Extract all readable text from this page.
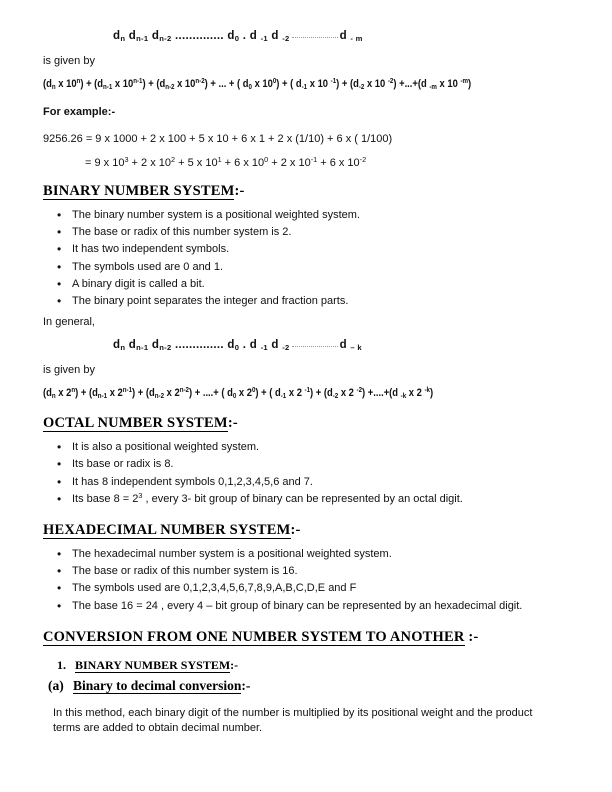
$d_n$ $d_{n-1}$ $d_{n-2}$ .............. $d_0$ . d $_{-1}$ d $_{-2}$	d $_{- m}$

is given by

($d_n$ x $10^n) + (d_{n-1}$ x $10^{n-1}) + (d_{n-2}$ x $10^{n-2}$) + ... + ( $d_0$ x $10^0$) + ( $d_{-1}$ x 10 $^{-1}) + (d_{-2}$ x 10 $^{-2}$) +...+(d $_{-m}$ x 10 $^{-m}$)

For example:-

9256.26 = 9 x 1000 + 2 x 100 + 5 x 10 + 6 x 1 + 2 x (1/10) + 6 x ( 1/100)
= 9 x $10^3 + 2$ x $10^2 + 5$ x $10^1 + 6$ x $10^0 + 2$ x $10^{-1} + 6$ x $10^{-2}$
BINARY NUMBER SYSTEM:-
• The binary number system is a positional weighted system.
• The base or radix of this number system is 2.
• It has two independent symbols.
• The symbols used are 0 and 1.
• A binary digit is called a bit.
• The binary point separates the integer and fraction parts.

In general,

$d_n$ $d_{n-1}$ $d_{n-2}$ .............. $d_0$ . d $_{-1}$ d $_{-2}$	d $_{- k}$

is given by

($d_n$ x $2^n) + (d_{n-1}$ x $2^{n-1}) + (d_{n-2}$ x $2^{n-2}$) + ....+ ( $d_0$ x $2^0$) + ( $d_{-1}$ x 2 $^{-1}) + (d_{-2}$ x 2 $^{-2}$) +....+(d $_{-k}$ x 2 $^{-k}$)
OCTAL NUMBER SYSTEM:-
• It is also a positional weighted system.
• Its base or radix is 8.
• It has 8 independent symbols 0,1,2,3,4,5,6 and 7.
• Its base $8 = 2^3$ , every 3- bit group of binary can be represented by an octal digit.
HEXADECIMAL NUMBER SYSTEM:-
• The hexadecimal number system is a positional weighted system.
• The base or radix of this number system is 16.
• The symbols used are 0,1,2,3,4,5,6,7,8,9,A,B,C,D,E and F
• The base 16 = 24 , every 4 – bit group of binary can be represented by an hexadecimal digit.
CONVERSION FROM ONE NUMBER SYSTEM TO ANOTHER :-
1. BINARY NUMBER SYSTEM:-
(a) Binary to decimal conversion:-

In this method, each binary digit of the number is multiplied by its positional weight and the product terms are added to obtain decimal number.
